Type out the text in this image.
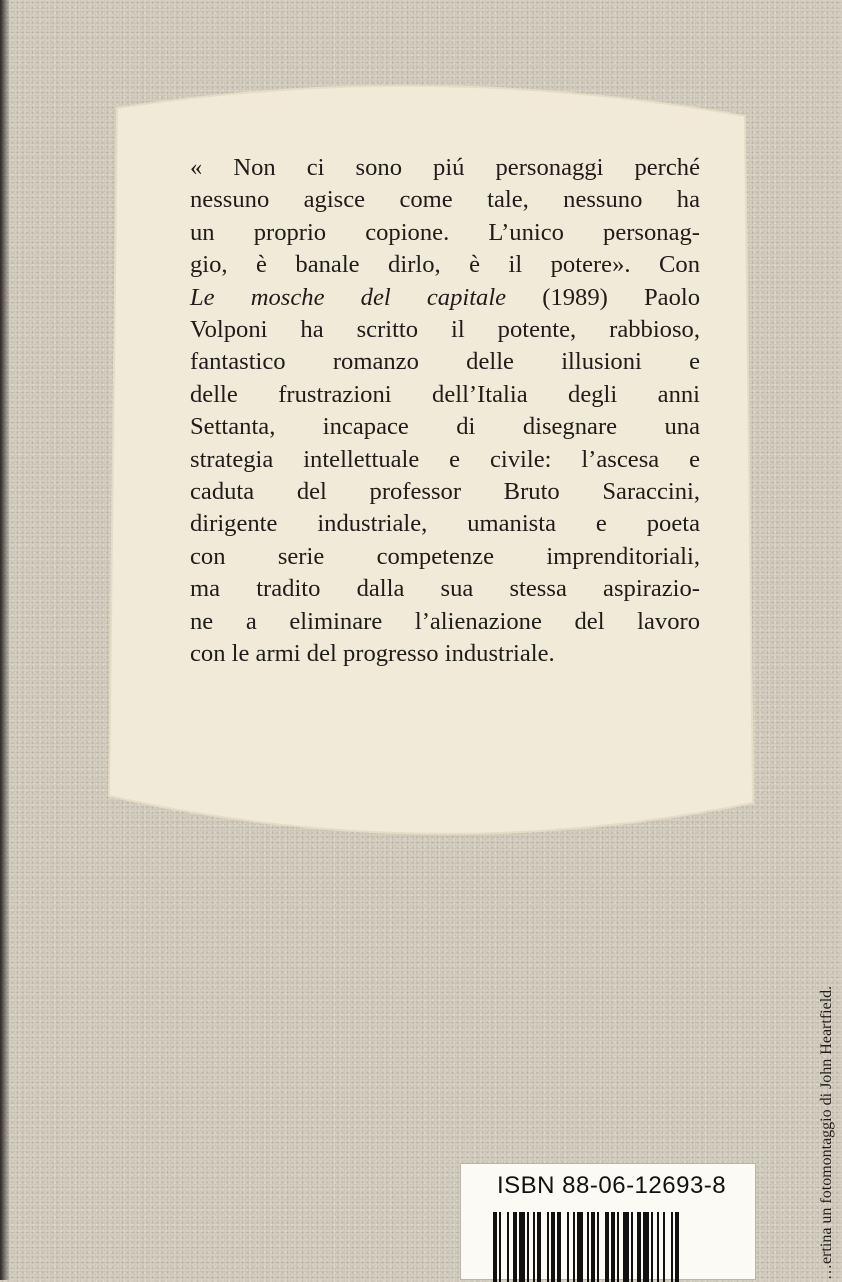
« Non ci sono piú personaggi perché
nessuno agisce come tale, nessuno ha
un proprio copione. L’unico personag-
gio, è banale dirlo, è il potere». Con
Le mosche del capitale (1989) Paolo
Volponi ha scritto il potente, rabbioso,
fantastico romanzo delle illusioni e
delle frustrazioni dell’Italia degli anni
Settanta, incapace di disegnare una
strategia intellettuale e civile: l’ascesa e
caduta del professor Bruto Saraccini,
dirigente industriale, umanista e poeta
con serie competenze imprenditoriali,
ma tradito dalla sua stessa aspirazio-
ne a eliminare l’alienazione del lavoro
con le armi del progresso industriale.
…ertina un fotomontaggio di John Heartfield.
ISBN 88-06-12693-8
